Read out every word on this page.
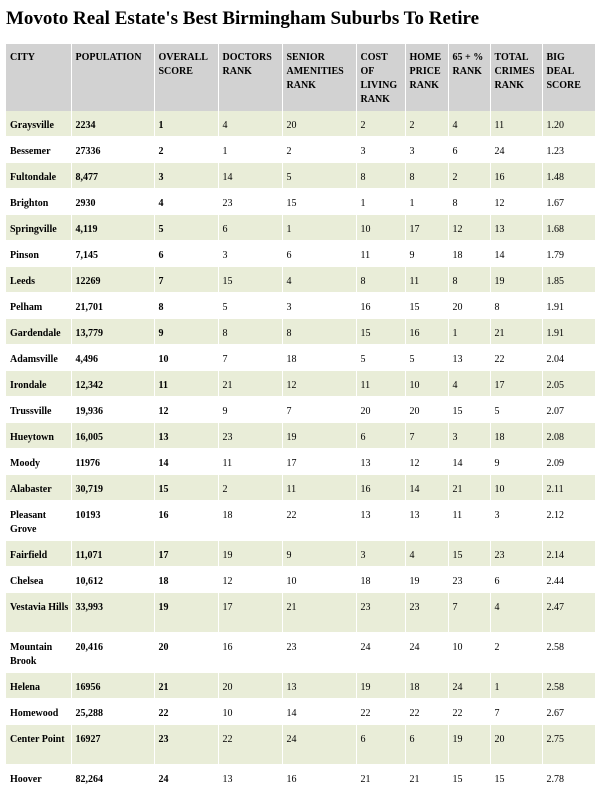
Movoto Real Estate's Best Birmingham Suburbs To Retire
CITY	POPULATION	OVERALL SCORE	DOCTORS RANK	SENIOR AMENITIES RANK	COST OF LIVING RANK	HOME PRICE RANK	65 + % RANK	TOTAL CRIMES RANK	BIG DEAL SCORE
Graysville	2234	1	4	20	2	2	4	11	1.20
Bessemer	27336	2	1	2	3	3	6	24	1.23
Fultondale	8,477	3	14	5	8	8	2	16	1.48
Brighton	2930	4	23	15	1	1	8	12	1.67
Springville	4,119	5	6	1	10	17	12	13	1.68
Pinson	7,145	6	3	6	11	9	18	14	1.79
Leeds	12269	7	15	4	8	11	8	19	1.85
Pelham	21,701	8	5	3	16	15	20	8	1.91
Gardendale	13,779	9	8	8	15	16	1	21	1.91
Adamsville	4,496	10	7	18	5	5	13	22	2.04
Irondale	12,342	11	21	12	11	10	4	17	2.05
Trussville	19,936	12	9	7	20	20	15	5	2.07
Hueytown	16,005	13	23	19	6	7	3	18	2.08
Moody	11976	14	11	17	13	12	14	9	2.09
Alabaster	30,719	15	2	11	16	14	21	10	2.11
Pleasant Grove	10193	16	18	22	13	13	11	3	2.12
Fairfield	11,071	17	19	9	3	4	15	23	2.14
Chelsea	10,612	18	12	10	18	19	23	6	2.44
Vestavia Hills	33,993	19	17	21	23	23	7	4	2.47
Mountain Brook	20,416	20	16	23	24	24	10	2	2.58
Helena	16956	21	20	13	19	18	24	1	2.58
Homewood	25,288	22	10	14	22	22	22	7	2.67
Center Point	16927	23	22	24	6	6	19	20	2.75
Hoover	82,264	24	13	16	21	21	15	15	2.78
